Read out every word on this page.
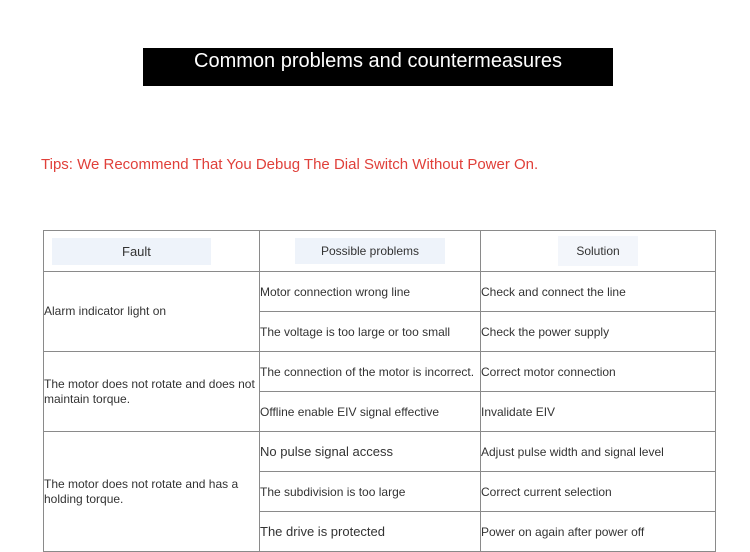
Common problems and countermeasures
Tips: We Recommend That You Debug The Dial Switch Without Power On.
Fault	Possible problems	Solution
Alarm indicator light on	Motor connection wrong line	Check and connect the line
	The voltage is too large or too small	Check the power supply
The motor does not rotate and does not maintain torque.	The connection of the motor is incorrect.	Correct motor connection
	Offline enable EIV signal effective	Invalidate EIV
The motor does not rotate and has a holding torque.	No pulse signal access	Adjust pulse width and signal level
	The subdivision is too large	Correct current selection
	The drive is protected	Power on again after power off
